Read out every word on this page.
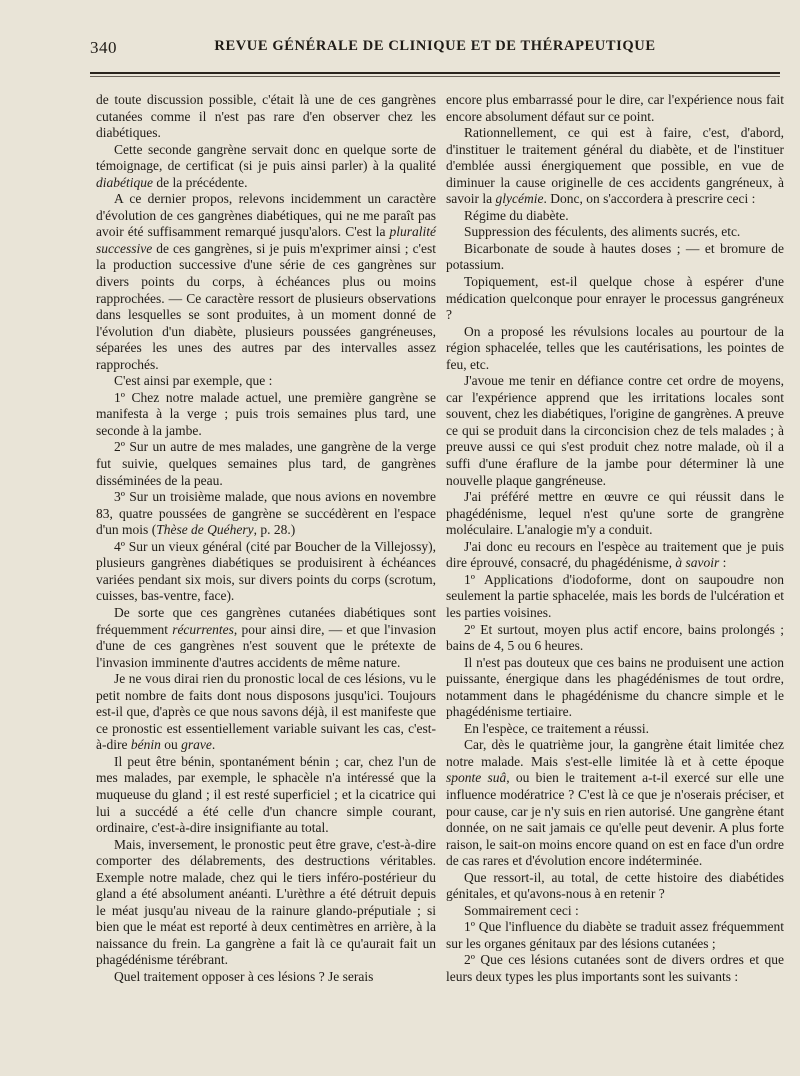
340	REVUE GÉNÉRALE DE CLINIQUE ET DE THÉRAPEUTIQUE

de toute discussion possible, c'était là une de ces gangrènes cutanées comme il n'est pas rare d'en observer chez les diabétiques.

Cette seconde gangrène servait donc en quelque sorte de témoignage, de certificat (si je puis ainsi parler) à la qualité diabétique de la précédente.

A ce dernier propos, relevons incidemment un caractère d'évolution de ces gangrènes diabétiques, qui ne me paraît pas avoir été suffisamment remarqué jusqu'alors. C'est la pluralité successive de ces gangrènes, si je puis m'exprimer ainsi ; c'est la production successive d'une série de ces gangrènes sur divers points du corps, à échéances plus ou moins rapprochées. — Ce caractère ressort de plusieurs observations dans lesquelles se sont produites, à un moment donné de l'évolution d'un diabète, plusieurs poussées gangréneuses, séparées les unes des autres par des intervalles assez rapprochés.

C'est ainsi par exemple, que :

1º Chez notre malade actuel, une première gangrène se manifesta à la verge ; puis trois semaines plus tard, une seconde à la jambe.

2º Sur un autre de mes malades, une gangrène de la verge fut suivie, quelques semaines plus tard, de gangrènes disséminées de la peau.

3º Sur un troisième malade, que nous avions en novembre 83, quatre poussées de gangrène se succédèrent en l'espace d'un mois (Thèse de Quéhery, p. 28.)

4º Sur un vieux général (cité par Boucher de la Villejossy), plusieurs gangrènes diabétiques se produisirent à échéances variées pendant six mois, sur divers points du corps (scrotum, cuisses, bas-ventre, face).

De sorte que ces gangrènes cutanées diabétiques sont fréquemment récurrentes, pour ainsi dire, — et que l'invasion d'une de ces gangrènes n'est souvent que le prétexte de l'invasion imminente d'autres accidents de même nature.

Je ne vous dirai rien du pronostic local de ces lésions, vu le petit nombre de faits dont nous disposons jusqu'ici. Toujours est-il que, d'après ce que nous savons déjà, il est manifeste que ce pronostic est essentiellement variable suivant les cas, c'est-à-dire bénin ou grave.

Il peut être bénin, spontanément bénin ; car, chez l'un de mes malades, par exemple, le sphacèle n'a intéressé que la muqueuse du gland ; il est resté superficiel ; et la cicatrice qui lui a succédé a été celle d'un chancre simple courant, ordinaire, c'est-à-dire insignifiante au total.

Mais, inversement, le pronostic peut être grave, c'est-à-dire comporter des délabrements, des destructions véritables. Exemple notre malade, chez qui le tiers inféro-postérieur du gland a été absolument anéanti. L'urèthre a été détruit depuis le méat jusqu'au niveau de la rainure glando-préputiale ; si bien que le méat est reporté à deux centimètres en arrière, à la naissance du frein. La gangrène a fait là ce qu'aurait fait un phagédénisme térébrant.

Quel traitement opposer à ces lésions ? Je serais

encore plus embarrassé pour le dire, car l'expérience nous fait encore absolument défaut sur ce point.

Rationnellement, ce qui est à faire, c'est, d'abord, d'instituer le traitement général du diabète, et de l'instituer d'emblée aussi énergiquement que possible, en vue de diminuer la cause originelle de ces accidents gangréneux, à savoir la glycémie. Donc, on s'accordera à prescrire ceci :

Régime du diabète.

Suppression des féculents, des aliments sucrés, etc.

Bicarbonate de soude à hautes doses ; — et bromure de potassium.

Topiquement, est-il quelque chose à espérer d'une médication quelconque pour enrayer le processus gangréneux ?

On a proposé les révulsions locales au pourtour de la région sphacelée, telles que les cautérisations, les pointes de feu, etc.

J'avoue me tenir en défiance contre cet ordre de moyens, car l'expérience apprend que les irritations locales sont souvent, chez les diabétiques, l'origine de gangrènes. A preuve ce qui se produit dans la circoncision chez de tels malades ; à preuve aussi ce qui s'est produit chez notre malade, où il a suffi d'une éraflure de la jambe pour déterminer là une nouvelle plaque gangréneuse.

J'ai préféré mettre en œuvre ce qui réussit dans le phagédénisme, lequel n'est qu'une sorte de grangrène moléculaire. L'analogie m'y a conduit.

J'ai donc eu recours en l'espèce au traitement que je puis dire éprouvé, consacré, du phagédénisme, à savoir :

1º Applications d'iodoforme, dont on saupoudre non seulement la partie sphacelée, mais les bords de l'ulcération et les parties voisines.

2º Et surtout, moyen plus actif encore, bains prolongés ; bains de 4, 5 ou 6 heures.

Il n'est pas douteux que ces bains ne produisent une action puissante, énergique dans les phagédénismes de tout ordre, notamment dans le phagédénisme du chancre simple et le phagédénisme tertiaire.

En l'espèce, ce traitement a réussi.

Car, dès le quatrième jour, la gangrène était limitée chez notre malade. Mais s'est-elle limitée là et à cette époque sponte suâ, ou bien le traitement a-t-il exercé sur elle une influence modératrice ? C'est là ce que je n'oserais préciser, et pour cause, car je n'y suis en rien autorisé. Une gangrène étant donnée, on ne sait jamais ce qu'elle peut devenir. A plus forte raison, le sait-on moins encore quand on est en face d'un ordre de cas rares et d'évolution encore indéterminée.

Que ressort-il, au total, de cette histoire des diabétides génitales, et qu'avons-nous à en retenir ?

Sommairement ceci :

1º Que l'influence du diabète se traduit assez fréquemment sur les organes génitaux par des lésions cutanées ;

2º Que ces lésions cutanées sont de divers ordres et que leurs deux types les plus importants sont les suivants :
